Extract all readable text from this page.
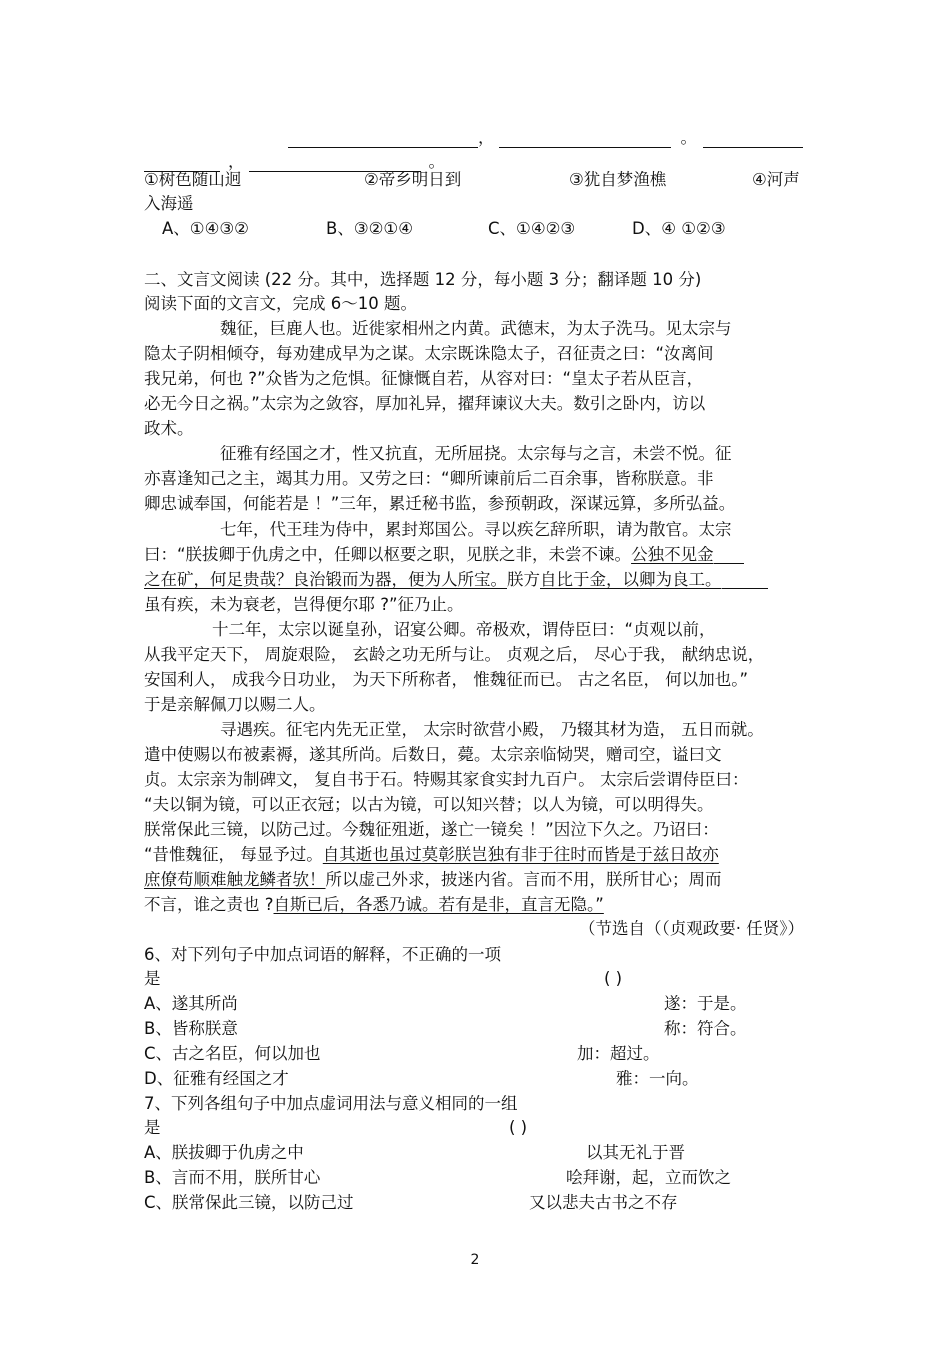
，	。
，	。
①树色随山迥	②帝乡明日到	③犹自梦渔樵	④河声
入海遥
A、①④③②	B、③②①④	C、①④②③	D、④ ①②③
二、文言文阅读 (22 分。其中，选择题 12 分，每小题 3 分；翻译题 10 分)
阅读下面的文言文，完成 6～10 题。
魏征，巨鹿人也。近徙家相州之内黄。武德末，为太子洗马。见太宗与
隐太子阴相倾夺，每劝建成早为之谋。太宗既诛隐太子，召征责之曰：“汝离间
我兄弟，何也 ?”众皆为之危惧。征慷慨自若，从容对曰：“皇太子若从臣言，
必无今日之祸。”太宗为之敛容，厚加礼异，擢拜谏议大夫。数引之卧内，访以
政术。
征雅有经国之才，性又抗直，无所屈挠。太宗每与之言，未尝不悦。征
亦喜逢知己之主，竭其力用。又劳之曰：“卿所谏前后二百余事，皆称朕意。非
卿忠诚奉国，何能若是 ！”三年，累迁秘书监，参预朝政，深谋远算，多所弘益。
七年，代王珪为侍中，累封郑国公。寻以疾乞辞所职，请为散官。太宗
曰：“朕拔卿于仇虏之中，任卿以枢要之职，见朕之非，未尝不谏。 公独不见金
之在矿，何足贵哉？良治锻而为器，便为人所宝。 朕方 自比于金，以卿为良工。
虽有疾，未为衰老，岂得便尔耶 ?”征乃止。
十二年，太宗以诞皇孙，诏宴公卿。帝极欢，谓侍臣曰：“贞观以前，
从我平定天下， 周旋艰险， 玄龄之功无所与让。 贞观之后， 尽心于我， 献纳忠说，
安国利人， 成我今日功业， 为天下所称者， 惟魏征而已。 古之名臣， 何以加也。”
于是亲解佩刀以赐二人。
寻遇疾。征宅内先无正堂， 太宗时欲营小殿， 乃辍其材为造， 五日而就。
遣中使赐以布被素褥，遂其所尚。后数日，薨。太宗亲临恸哭，赠司空，谥曰文
贞。太宗亲为制碑文， 复自书于石。特赐其家食实封九百户。 太宗后尝谓侍臣曰：
“夫以铜为镜，可以正衣冠；以古为镜，可以知兴替；以人为镜，可以明得失。
朕常保此三镜，以防己过。今魏征殂逝，遂亡一镜矣 ！”因泣下久之。乃诏曰：
“昔惟魏征， 每显予过。 自其逝也虽过莫彰朕岂独有非于往时而皆是于兹日故亦
庶僚苟顺难触龙鳞者欤！ 所以虚己外求，披迷内省。言而不用，朕所甘心；周而
不言，谁之责也 ? 自斯已后，各悉乃诚。若有是非，直言无隐。”
（节选自（（贞观政要· 任贤》）
6、对下列句子中加点词语的解释，不正确的一项
是	( )
A、遂其所尚	遂：于是。
B、皆称朕意	称：符合。
C、古之名臣，何以加也	加：超过。
D、征雅有经国之才	雅：一向。
7、下列各组句子中加点虚词用法与意义相同的一组
是	( )
A、朕拔卿于仇虏之中	以其无礼于晋
B、言而不用，朕所甘心	哙拜谢，起，立而饮之
C、朕常保此三镜，以防己过	又以悲夫古书之不存
2
